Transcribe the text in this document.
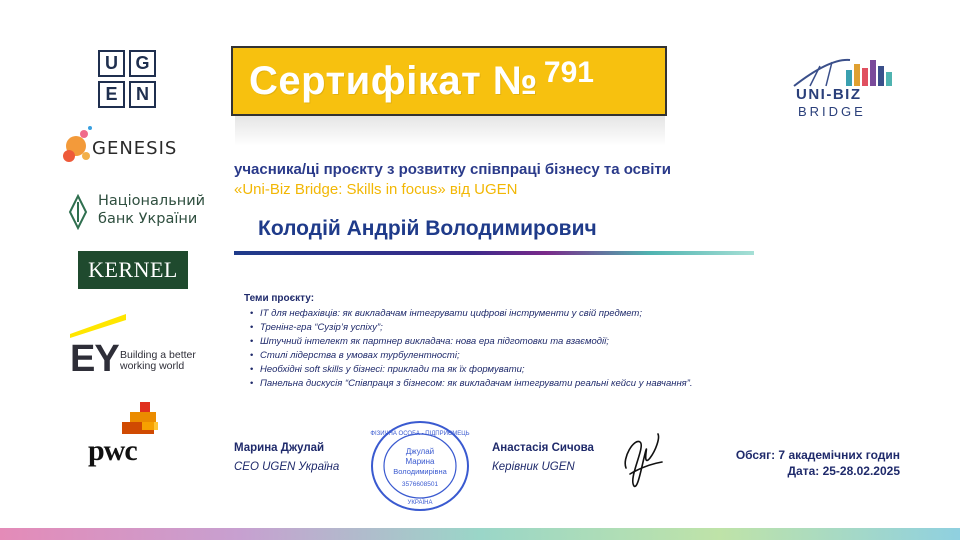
U G
E	N
GENESIS
Національний
банк України
KERNEL
EY Building a better
working world
pwc
Сертифікат № 791
UNI-BIZ
BRIDGE
учасника/ці проєкту з розвитку співпраці бізнесу та освіти
«Uni-Biz Bridge: Skills in focus» від UGEN
Колодій Андрій Володимирович
Теми проєкту:
• IT для нефахівців: як викладачам інтегрувати цифрові інструменти у свій предмет;
• Тренінг-гра “Сузір’я успіху”;
• Штучний інтелект як партнер викладача: нова ера підготовки та взаємодії;
• Стилі лідерства в умовах турбулентності;
• Необхідні soft skills у бізнесі: приклади та як їх формувати;
• Панельна дискусія “Співпраця з бізнесом: як викладачам інтегрувати реальні кейси у навчання”.
Марина Джулай
CEO UGEN Україна
ФІЗИЧНА ОСОБА - ПІДПРИЄМЕЦЬ
Джулай
Марина
Володимирівна
3576608501
УКРАЇНА
Анастасія Сичова
Керівник UGEN
Обсяг: 7 академічних годин
Дата: 25-28.02.2025
